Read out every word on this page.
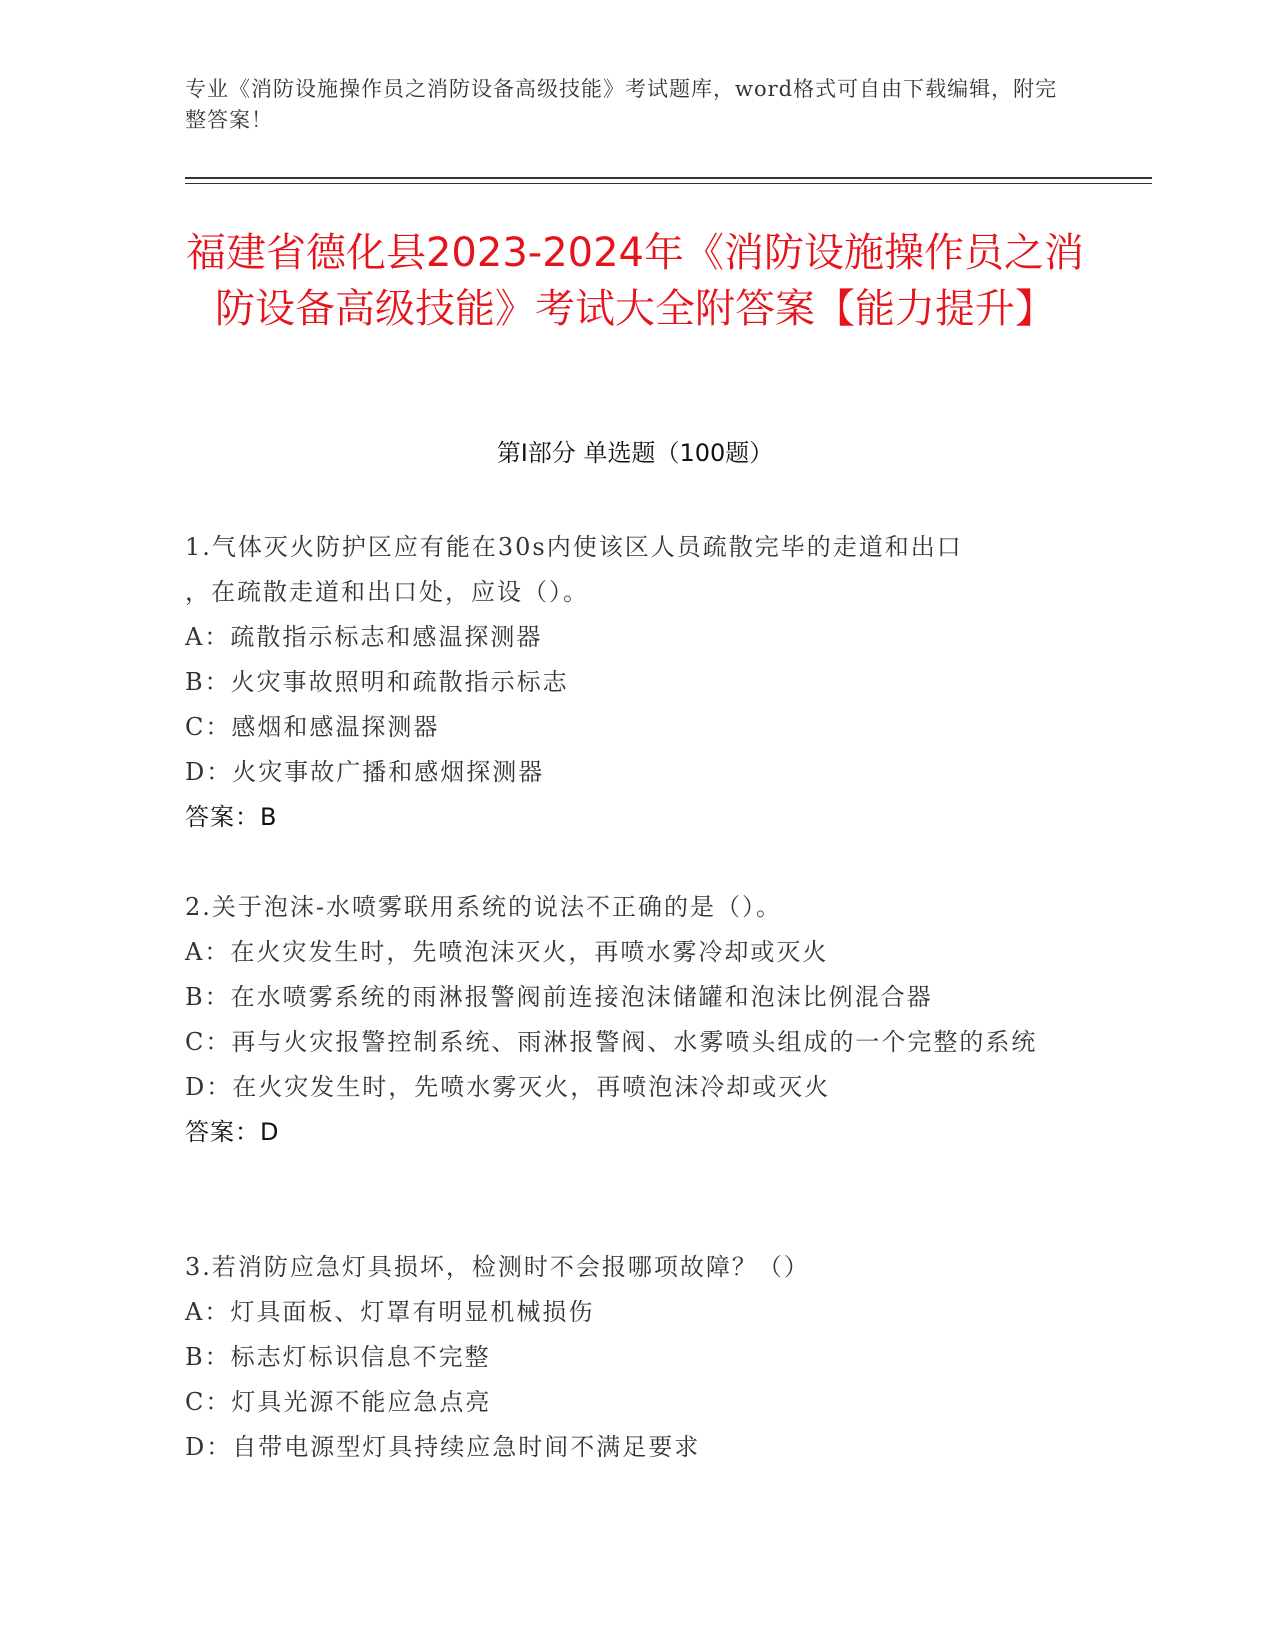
专业《消防设施操作员之消防设备高级技能》考试题库，word格式可自由下载编辑，附完整答案！
福建省德化县2023-2024年《消防设施操作员之消防设备高级技能》考试大全附答案【能力提升】
第I部分 单选题（100题）
1.气体灭火防护区应有能在30s内使该区人员疏散完毕的走道和出口
，在疏散走道和出口处，应设（）。
A：疏散指示标志和感温探测器
B：火灾事故照明和疏散指示标志
C：感烟和感温探测器
D：火灾事故广播和感烟探测器
答案：B
2.关于泡沫-水喷雾联用系统的说法不正确的是（）。
A：在火灾发生时，先喷泡沫灭火，再喷水雾冷却或灭火
B：在水喷雾系统的雨淋报警阀前连接泡沫储罐和泡沫比例混合器
C：再与火灾报警控制系统、雨淋报警阀、水雾喷头组成的一个完整的系统
D：在火灾发生时，先喷水雾灭火，再喷泡沫冷却或灭火
答案：D
3.若消防应急灯具损坏，检测时不会报哪项故障？（）
A：灯具面板、灯罩有明显机械损伤
B：标志灯标识信息不完整
C：灯具光源不能应急点亮
D：自带电源型灯具持续应急时间不满足要求
